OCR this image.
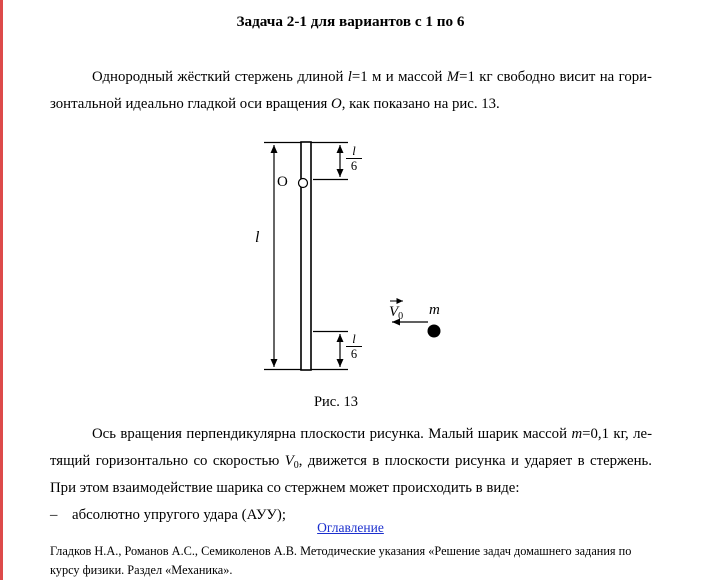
Задача 2-1 для вариантов с 1 по 6
Однородный жёсткий стержень длиной l=1 м и массой M=1 кг свободно висит на гори-
зонтальной идеально гладкой оси вращения О, как показано на рис. 13.
O
l
$\frac{l}{6}$
$\frac{l}{6}$
$V_0$ m
Рис. 13
Ось вращения перпендикулярна плоскости рисунка. Малый шарик массой m=0,1 кг, ле-
тящий горизонтально со скоростью $V_0$, движется в плоскости рисунка и ударяет в стержень.
При этом взаимодействие шарика со стержнем может происходить в виде:
– абсолютно упругого удара (АУУ);
Оглавление
Гладков Н.А., Романов А.С., Семиколенов А.В. Методические указания «Решение задач домашнего задания по
курсу физики. Раздел «Механика».
